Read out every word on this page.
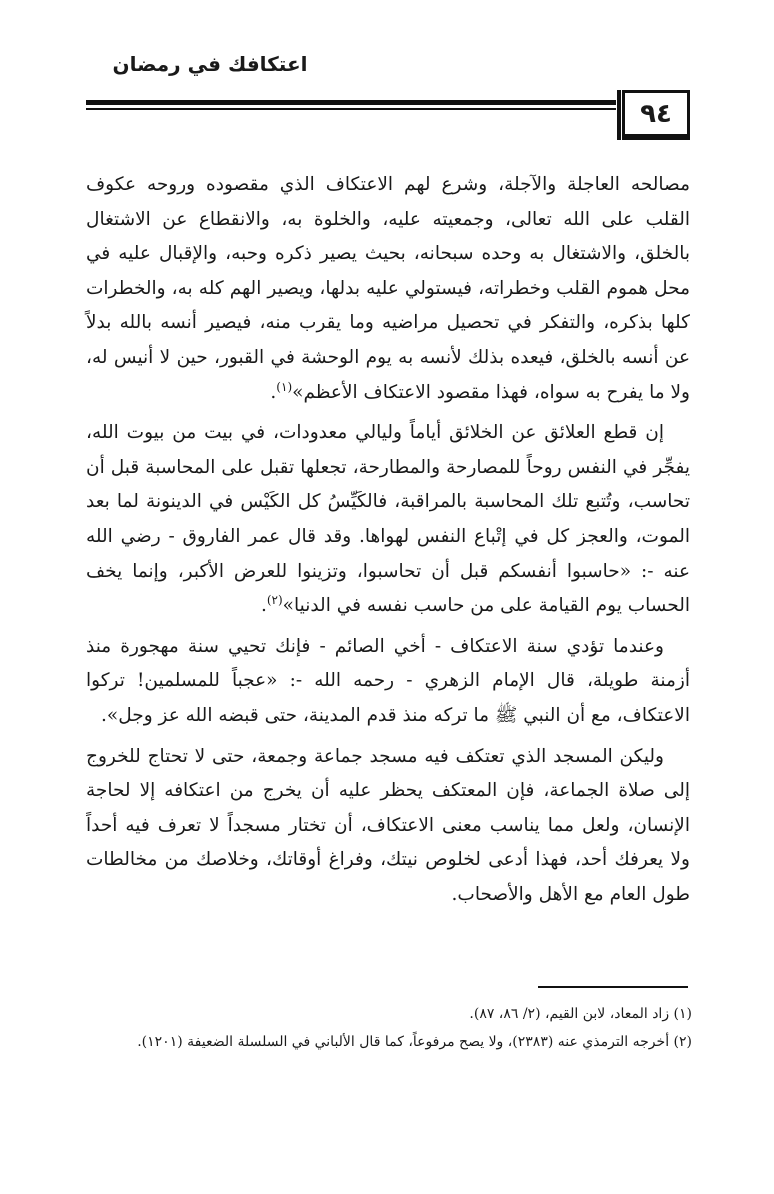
اعتكافك في رمضان
٩٤

مصالحه العاجلة والآجلة، وشرع لهم الاعتكاف الذي مقصوده وروحه عكوف القلب على الله تعالى، وجمعيته عليه، والخلوة به، والانقطاع عن الاشتغال بالخلق، والاشتغال به وحده سبحانه، بحيث يصير ذكره وحبه، والإقبال عليه في محل هموم القلب وخطراته، فيستولي عليه بدلها، ويصير الهم كله به، والخطرات كلها بذكره، والتفكر في تحصيل مراضيه وما يقرب منه، فيصير أنسه بالله بدلاً عن أنسه بالخلق، فيعده بذلك لأنسه به يوم الوحشة في القبور، حين لا أنيس له، ولا ما يفرح به سواه، فهذا مقصود الاعتكاف الأعظم»$^{(١)}$.

إن قطع العلائق عن الخلائق أياماً وليالي معدودات، في بيت من بيوت الله، يفجِّر في النفس روحاً للمصارحة والمطارحة، تجعلها تقبل على المحاسبة قبل أن تحاسب، وتُتبع تلك المحاسبة بالمراقبة، فالكَيِّسُ كل الكَيْس في الدينونة لما بعد الموت، والعجز كل في إتْباع النفس لهواها. وقد قال عمر الفاروق - رضي الله عنه -: «حاسبوا أنفسكم قبل أن تحاسبوا، وتزينوا للعرض الأكبر، وإنما يخف الحساب يوم القيامة على من حاسب نفسه في الدنيا»$^{(٢)}$.

وعندما تؤدي سنة الاعتكاف - أخي الصائم - فإنك تحيي سنة مهجورة منذ أزمنة طويلة، قال الإمام الزهري - رحمه الله -: «عجباً للمسلمين! تركوا الاعتكاف، مع أن النبي ﷺ ما تركه منذ قدم المدينة، حتى قبضه الله عز وجل».

وليكن المسجد الذي تعتكف فيه مسجد جماعة وجمعة، حتى لا تحتاج للخروج إلى صلاة الجماعة، فإن المعتكف يحظر عليه أن يخرج من اعتكافه إلا لحاجة الإنسان، ولعل مما يناسب معنى الاعتكاف، أن تختار مسجداً لا تعرف فيه أحداً ولا يعرفك أحد، فهذا أدعى لخلوص نيتك، وفراغ أوقاتك، وخلاصك من مخالطات طول العام مع الأهل والأصحاب.

(١) زاد المعاد، لابن القيم، (٢/ ٨٦، ٨٧).

(٢) أخرجه الترمذي عنه (٢٣٨٣)، ولا يصح مرفوعاً، كما قال الألباني في السلسلة الضعيفة (١٢٠١).
